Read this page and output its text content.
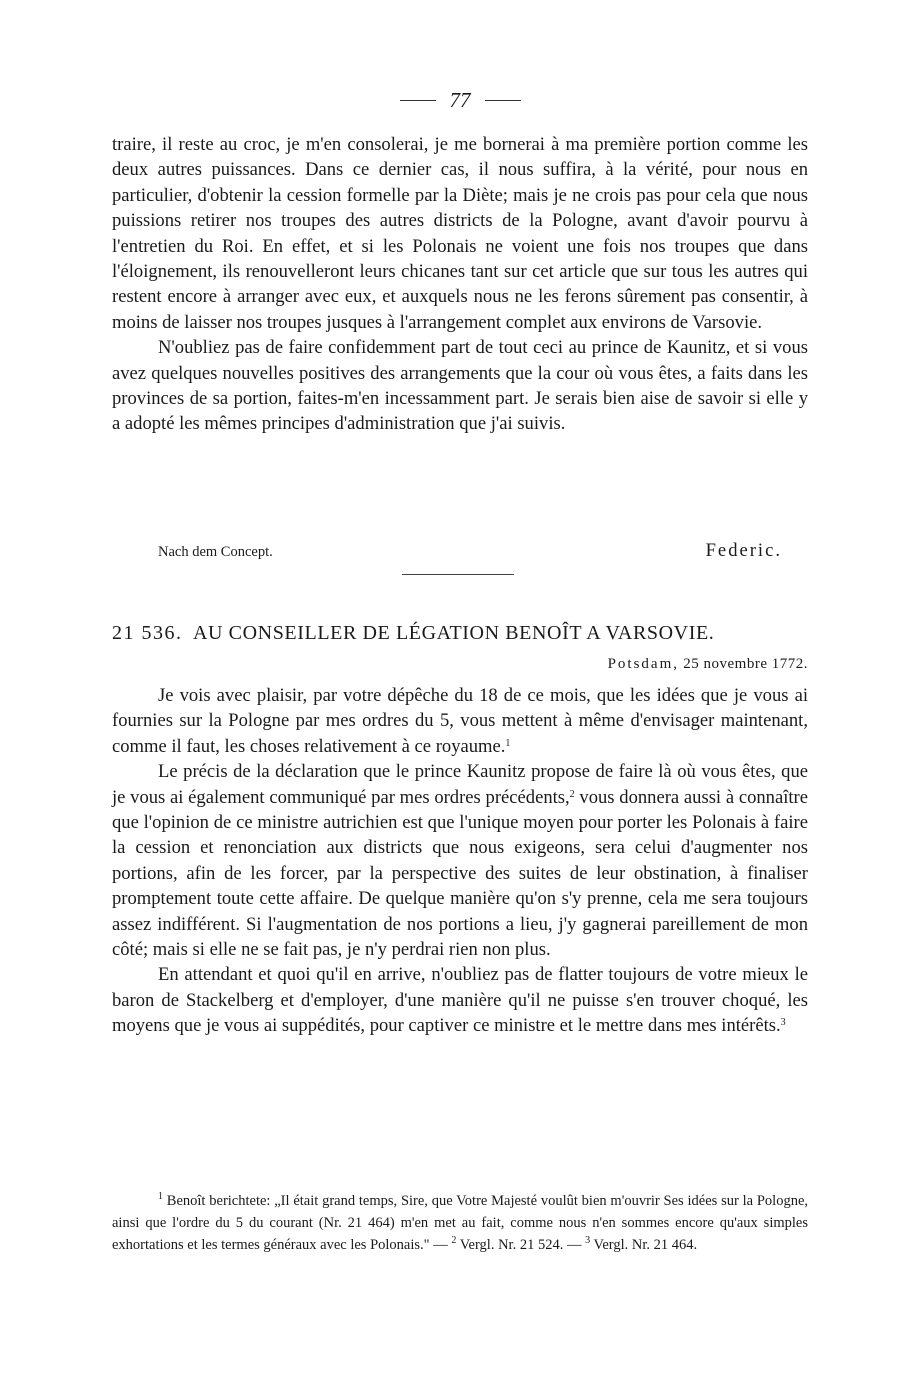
77

traire, il reste au croc, je m'en consolerai, je me bornerai à ma première portion comme les deux autres puissances. Dans ce dernier cas, il nous suffira, à la vérité, pour nous en particulier, d'obtenir la cession formelle par la Diète; mais je ne crois pas pour cela que nous puissions retirer nos troupes des autres districts de la Pologne, avant d'avoir pourvu à l'entretien du Roi. En effet, et si les Polonais ne voient une fois nos troupes que dans l'éloignement, ils renouvelleront leurs chicanes tant sur cet article que sur tous les autres qui restent encore à arranger avec eux, et auxquels nous ne les ferons sûrement pas consentir, à moins de laisser nos troupes jusques à l'arrangement complet aux environs de Varsovie.

N'oubliez pas de faire confidemment part de tout ceci au prince de Kaunitz, et si vous avez quelques nouvelles positives des arrangements que la cour où vous êtes, a faits dans les provinces de sa portion, faites-m'en incessamment part. Je serais bien aise de savoir si elle y a adopté les mêmes principes d'administration que j'ai suivis.

Nach dem Concept.	Federic.
21 536. AU CONSEILLER DE LÉGATION BENOÎT A VARSOVIE.
Potsdam, 25 novembre 1772.

Je vois avec plaisir, par votre dépêche du 18 de ce mois, que les idées que je vous ai fournies sur la Pologne par mes ordres du 5, vous mettent à même d'envisager maintenant, comme il faut, les choses relativement à ce royaume.$^1$

Le précis de la déclaration que le prince Kaunitz propose de faire là où vous êtes, que je vous ai également communiqué par mes ordres précédents,$^2$ vous donnera aussi à connaître que l'opinion de ce ministre autrichien est que l'unique moyen pour porter les Polonais à faire la cession et renonciation aux districts que nous exigeons, sera celui d'augmenter nos portions, afin de les forcer, par la perspective des suites de leur obstination, à finaliser promptement toute cette affaire. De quelque manière qu'on s'y prenne, cela me sera toujours assez indifférent. Si l'augmentation de nos portions a lieu, j'y gagnerai pareillement de mon côté; mais si elle ne se fait pas, je n'y perdrai rien non plus.

En attendant et quoi qu'il en arrive, n'oubliez pas de flatter toujours de votre mieux le baron de Stackelberg et d'employer, d'une manière qu'il ne puisse s'en trouver choqué, les moyens que je vous ai suppédités, pour captiver ce ministre et le mettre dans mes intérêts.$^3$

$^1$ Benoît berichtete: „Il était grand temps, Sire, que Votre Majesté voulût bien m'ouvrir Ses idées sur la Pologne, ainsi que l'ordre du 5 du courant (Nr. 21 464) m'en met au fait, comme nous n'en sommes encore qu'aux simples exhortations et les termes généraux avec les Polonais." — $^2$ Vergl. Nr. 21 524. — $^3$ Vergl. Nr. 21 464.
